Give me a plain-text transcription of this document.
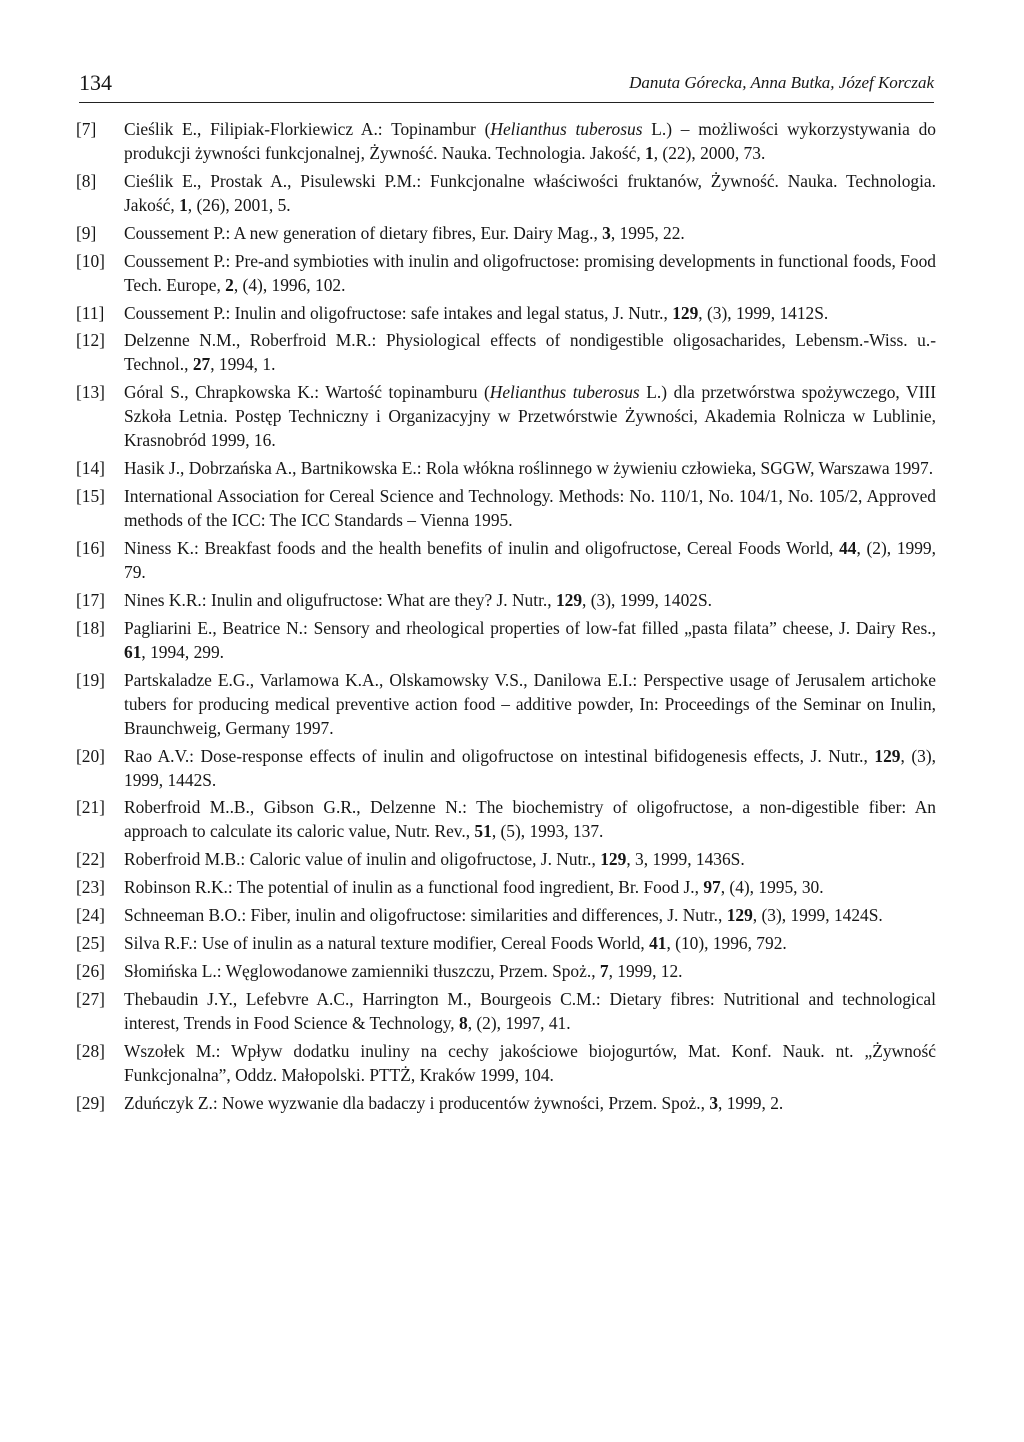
134	Danuta Górecka, Anna Butka, Józef Korczak
[7]	Cieślik E., Filipiak-Florkiewicz A.: Topinambur (Helianthus tuberosus L.) – możliwości wykorzystywania do produkcji żywności funkcjonalnej, Żywność. Nauka. Technologia. Jakość, 1, (22), 2000, 73.
[8]	Cieślik E., Prostak A., Pisulewski P.M.: Funkcjonalne właściwości fruktanów, Żywność. Nauka. Technologia. Jakość, 1, (26), 2001, 5.
[9]	Coussement P.: A new generation of dietary fibres, Eur. Dairy Mag., 3, 1995, 22.
[10]	Coussement P.: Pre-and symbioties with inulin and oligofructose: promising developments in functional foods, Food Tech. Europe, 2, (4), 1996, 102.
[11]	Coussement P.: Inulin and oligofructose: safe intakes and legal status, J. Nutr., 129, (3), 1999, 1412S.
[12]	Delzenne N.M., Roberfroid M.R.: Physiological effects of nondigestible oligosacharides, Lebensm.-Wiss. u.-Technol., 27, 1994, 1.
[13]	Góral S., Chrapkowska K.: Wartość topinamburu (Helianthus tuberosus L.) dla przetwórstwa spożywczego, VIII Szkoła Letnia. Postęp Techniczny i Organizacyjny w Przetwórstwie Żywności, Akademia Rolnicza w Lublinie, Krasnobród 1999, 16.
[14]	Hasik J., Dobrzańska A., Bartnikowska E.: Rola włókna roślinnego w żywieniu człowieka, SGGW, Warszawa 1997.
[15]	International Association for Cereal Science and Technology. Methods: No. 110/1, No. 104/1, No. 105/2, Approved methods of the ICC: The ICC Standards – Vienna 1995.
[16]	Niness K.: Breakfast foods and the health benefits of inulin and oligofructose, Cereal Foods World, 44, (2), 1999, 79.
[17]	Nines K.R.: Inulin and oligufructose: What are they? J. Nutr., 129, (3), 1999, 1402S.
[18]	Pagliarini E., Beatrice N.: Sensory and rheological properties of low-fat filled „pasta filata” cheese, J. Dairy Res., 61, 1994, 299.
[19]	Partskaladze E.G., Varlamowa K.A., Olskamowsky V.S., Danilowa E.I.: Perspective usage of Jerusalem artichoke tubers for producing medical preventive action food – additive powder, In: Proceedings of the Seminar on Inulin, Braunchweig, Germany 1997.
[20]	Rao A.V.: Dose-response effects of inulin and oligofructose on intestinal bifidogenesis effects, J. Nutr., 129, (3), 1999, 1442S.
[21]	Roberfroid M..B., Gibson G.R., Delzenne N.: The biochemistry of oligofructose, a non-digestible fiber: An approach to calculate its caloric value, Nutr. Rev., 51, (5), 1993, 137.
[22]	Roberfroid M.B.: Caloric value of inulin and oligofructose, J. Nutr., 129, 3, 1999, 1436S.
[23]	Robinson R.K.: The potential of inulin as a functional food ingredient, Br. Food J., 97, (4), 1995, 30.
[24]	Schneeman B.O.: Fiber, inulin and oligofructose: similarities and differences, J. Nutr., 129, (3), 1999, 1424S.
[25]	Silva R.F.: Use of inulin as a natural texture modifier, Cereal Foods World, 41, (10), 1996, 792.
[26]	Słomińska L.: Węglowodanowe zamienniki tłuszczu, Przem. Spoż., 7, 1999, 12.
[27]	Thebaudin J.Y., Lefebvre A.C., Harrington M., Bourgeois C.M.: Dietary fibres: Nutritional and technological interest, Trends in Food Science & Technology, 8, (2), 1997, 41.
[28]	Wszołek M.: Wpływ dodatku inuliny na cechy jakościowe biojogurtów, Mat. Konf. Nauk. nt. „Żywność Funkcjonalna”, Oddz. Małopolski. PTTŻ, Kraków 1999, 104.
[29]	Zduńczyk Z.: Nowe wyzwanie dla badaczy i producentów żywności, Przem. Spoż., 3, 1999, 2.
